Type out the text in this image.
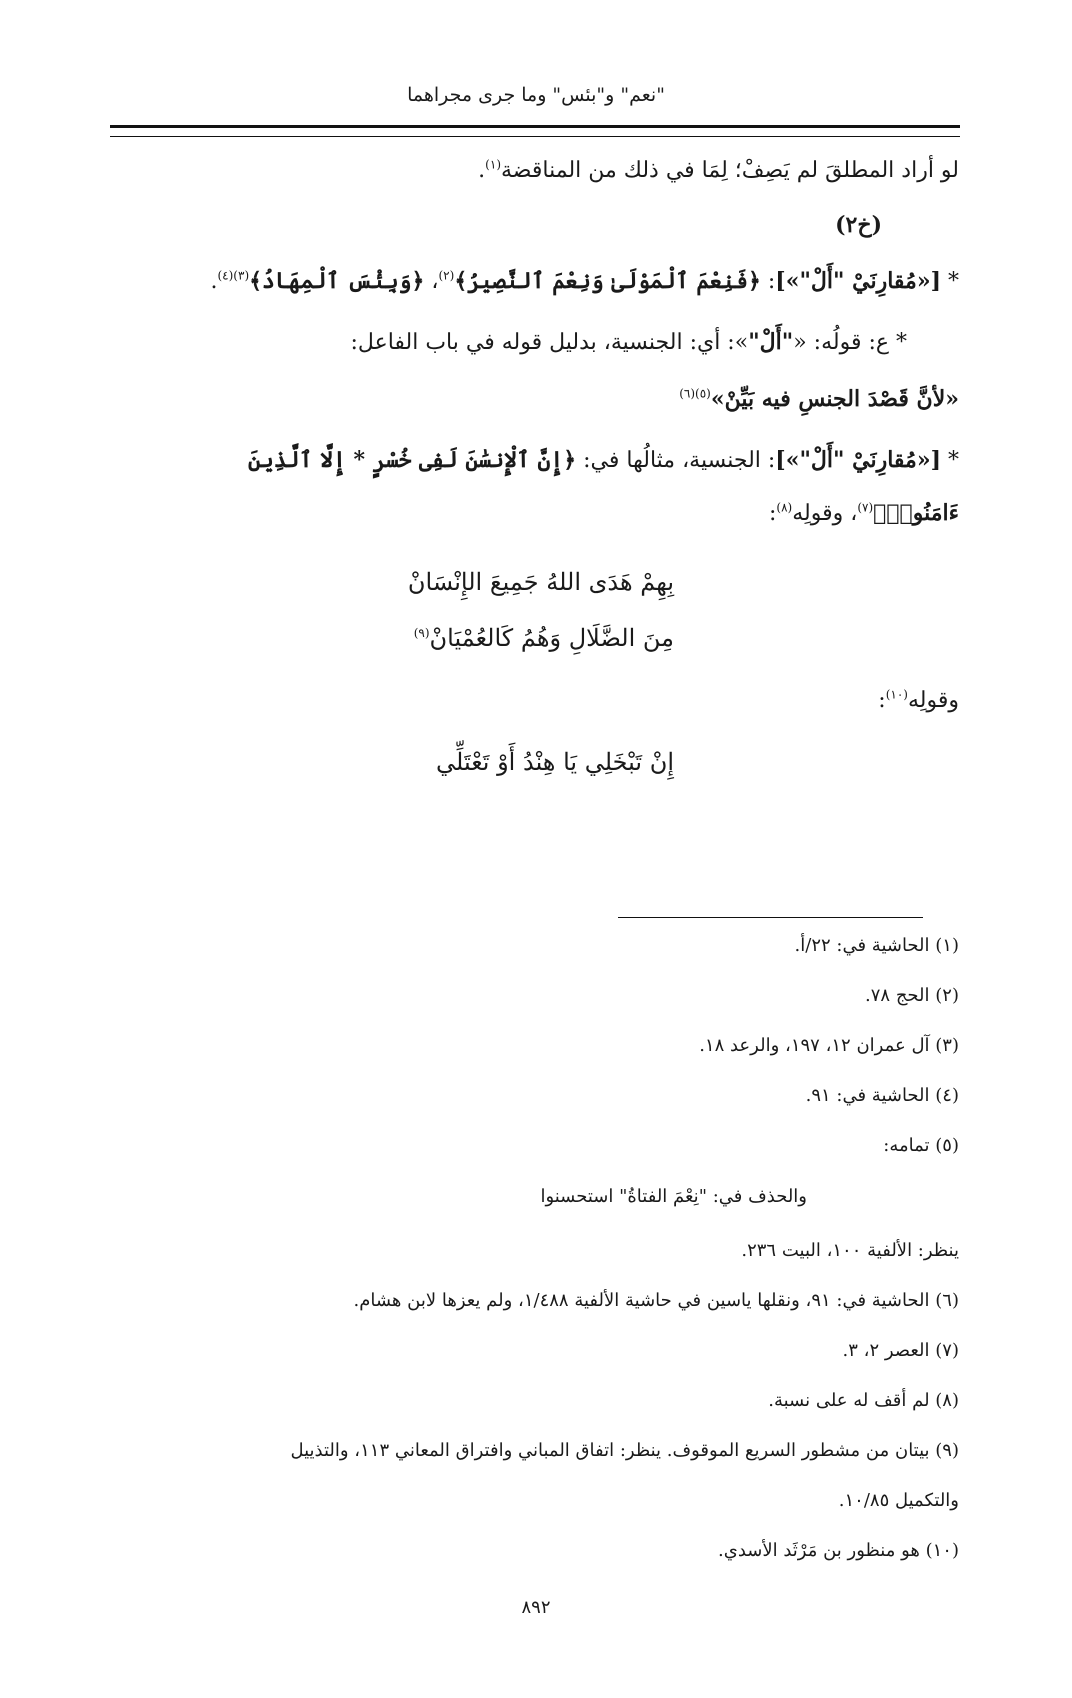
"نعم" و"بئس" وما جرى مجراهما
لو أراد المطلقَ لم يَصِفْ؛ لِمَا في ذلك من المناقضة$^{(١)}$.
(خ٢)
* [«مُقارِنَيْ "أَلْ"»]: ﴿فَنِعْمَ ٱلْمَوْلَىٰ وَنِعْمَ ٱلنَّصِيرُ﴾$^{(٢)}$، ﴿وَبِئْسَ ٱلْمِهَادُ﴾$^{(٣)(٤)}$.
* ع: قولُه: «"أَلْ"»: أي: الجنسية، بدليل قوله في باب الفاعل:
«لأنَّ قَصْدَ الجنسِ فيه بَيِّنْ»$^{(٥)(٦)}$
* [«مُقارِنَيْ "أَلْ"»]: الجنسية، مثالُها في: ﴿إِنَّ ٱلْإِنسَٰنَ لَفِى خُسْرٍ * إِلَّا ٱلَّذِينَ
ءَامَنُوا۟﴾$^{(٧)}$، وقولِه$^{(٨)}$:
بِهِمْ هَدَى اللهُ جَمِيعَ الإِنْسَانْ
مِنَ الضَّلَالِ وَهُمُ كَالعُمْيَانْ$^{(٩)}$
وقولِه$^{(١٠)}$:
إِنْ تَبْخَلِي يَا هِنْدُ أَوْ تَعْتَلِّي
(١) الحاشية في: ٢٢/أ.
(٢) الحج ٧٨.
(٣) آل عمران ١٢، ١٩٧، والرعد ١٨.
(٤) الحاشية في: ٩١.
(٥) تمامه:
والحذف في: "نِعْمَ الفتاةُ" استحسنوا
ينظر: الألفية ١٠٠، البيت ٢٣٦.
(٦) الحاشية في: ٩١، ونقلها ياسين في حاشية الألفية ١/٤٨٨، ولم يعزها لابن هشام.
(٧) العصر ٢، ٣.
(٨) لم أقف له على نسبة.
(٩) بيتان من مشطور السريع الموقوف. ينظر: اتفاق المباني وافتراق المعاني ١١٣، والتذييل
والتكميل ١٠/٨٥.
(١٠) هو منظور بن مَرْثَد الأسدي.
٨٩٢
